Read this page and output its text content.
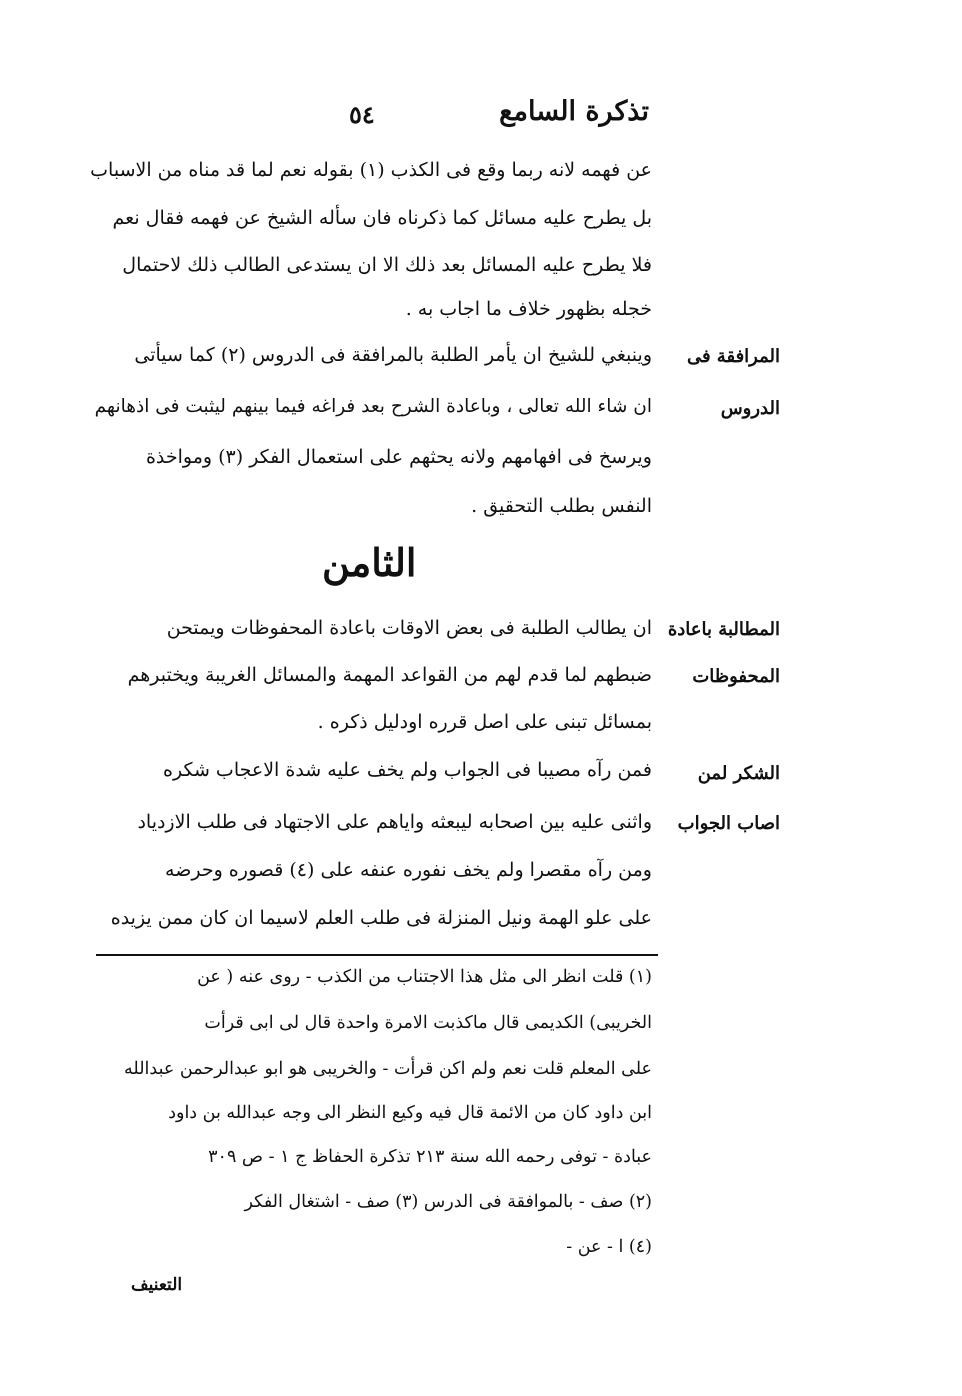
تذكرة السامع
٥٤
عن فهمه لانه ربما وقع فى الكذب (١) بقوله نعم لما قد مناه من الاسباب
بل يطرح عليه مسائل كما ذكرناه فان سأله الشيخ عن فهمه فقال نعم
فلا يطرح عليه المسائل بعد ذلك الا ان يستدعى الطالب ذلك لاحتمال
خجله بظهور خلاف ما اجاب به .
المرافقة فى
الدروس
وينبغي للشيخ ان يأمر الطلبة بالمرافقة فى الدروس (٢) كما سيأتى
ان شاء الله تعالى ، وباعادة الشرح بعد فراغه فيما بينهم ليثبت فى اذهانهم
ويرسخ فى افهامهم ولانه يحثهم على استعمال الفكر (٣) ومواخذة
النفس بطلب التحقيق .
الثامن
المطالبة باعادة
المحفوظات
ان يطالب الطلبة فى بعض الاوقات باعادة المحفوظات ويمتحن
ضبطهم لما قدم لهم من القواعد المهمة والمسائل الغريبة ويختبرهم
بمسائل تبنى على اصل قرره اودليل ذكره .
الشكر لمن
اصاب الجواب
فمن رآه مصيبا فى الجواب ولم يخف عليه شدة الاعجاب شكره
واثنى عليه بين اصحابه ليبعثه واياهم على الاجتهاد فى طلب الازدياد
ومن رآه مقصرا ولم يخف نفوره عنفه على (٤) قصوره وحرضه
على علو الهمة ونيل المنزلة فى طلب العلم لاسيما ان كان ممن يزيده
(١) قلت انظر الى مثل هذا الاجتناب من الكذب - روى عنه ( عن
الخريبى) الكديمى قال ماكذبت الامرة واحدة قال لى ابى قرأت
على المعلم قلت نعم ولم اكن قرأت - والخريبى هو ابو عبدالرحمن عبدالله
ابن داود كان من الائمة قال فيه وكيع النظر الى وجه عبدالله بن داود
عبادة - توفى رحمه الله سنة ٢١٣ تذكرة الحفاظ ج ١ - ص ٣٠٩
(٢) صف - بالموافقة فى الدرس (٣) صف - اشتغال الفكر
(٤) ا - عن -
التعنيف
